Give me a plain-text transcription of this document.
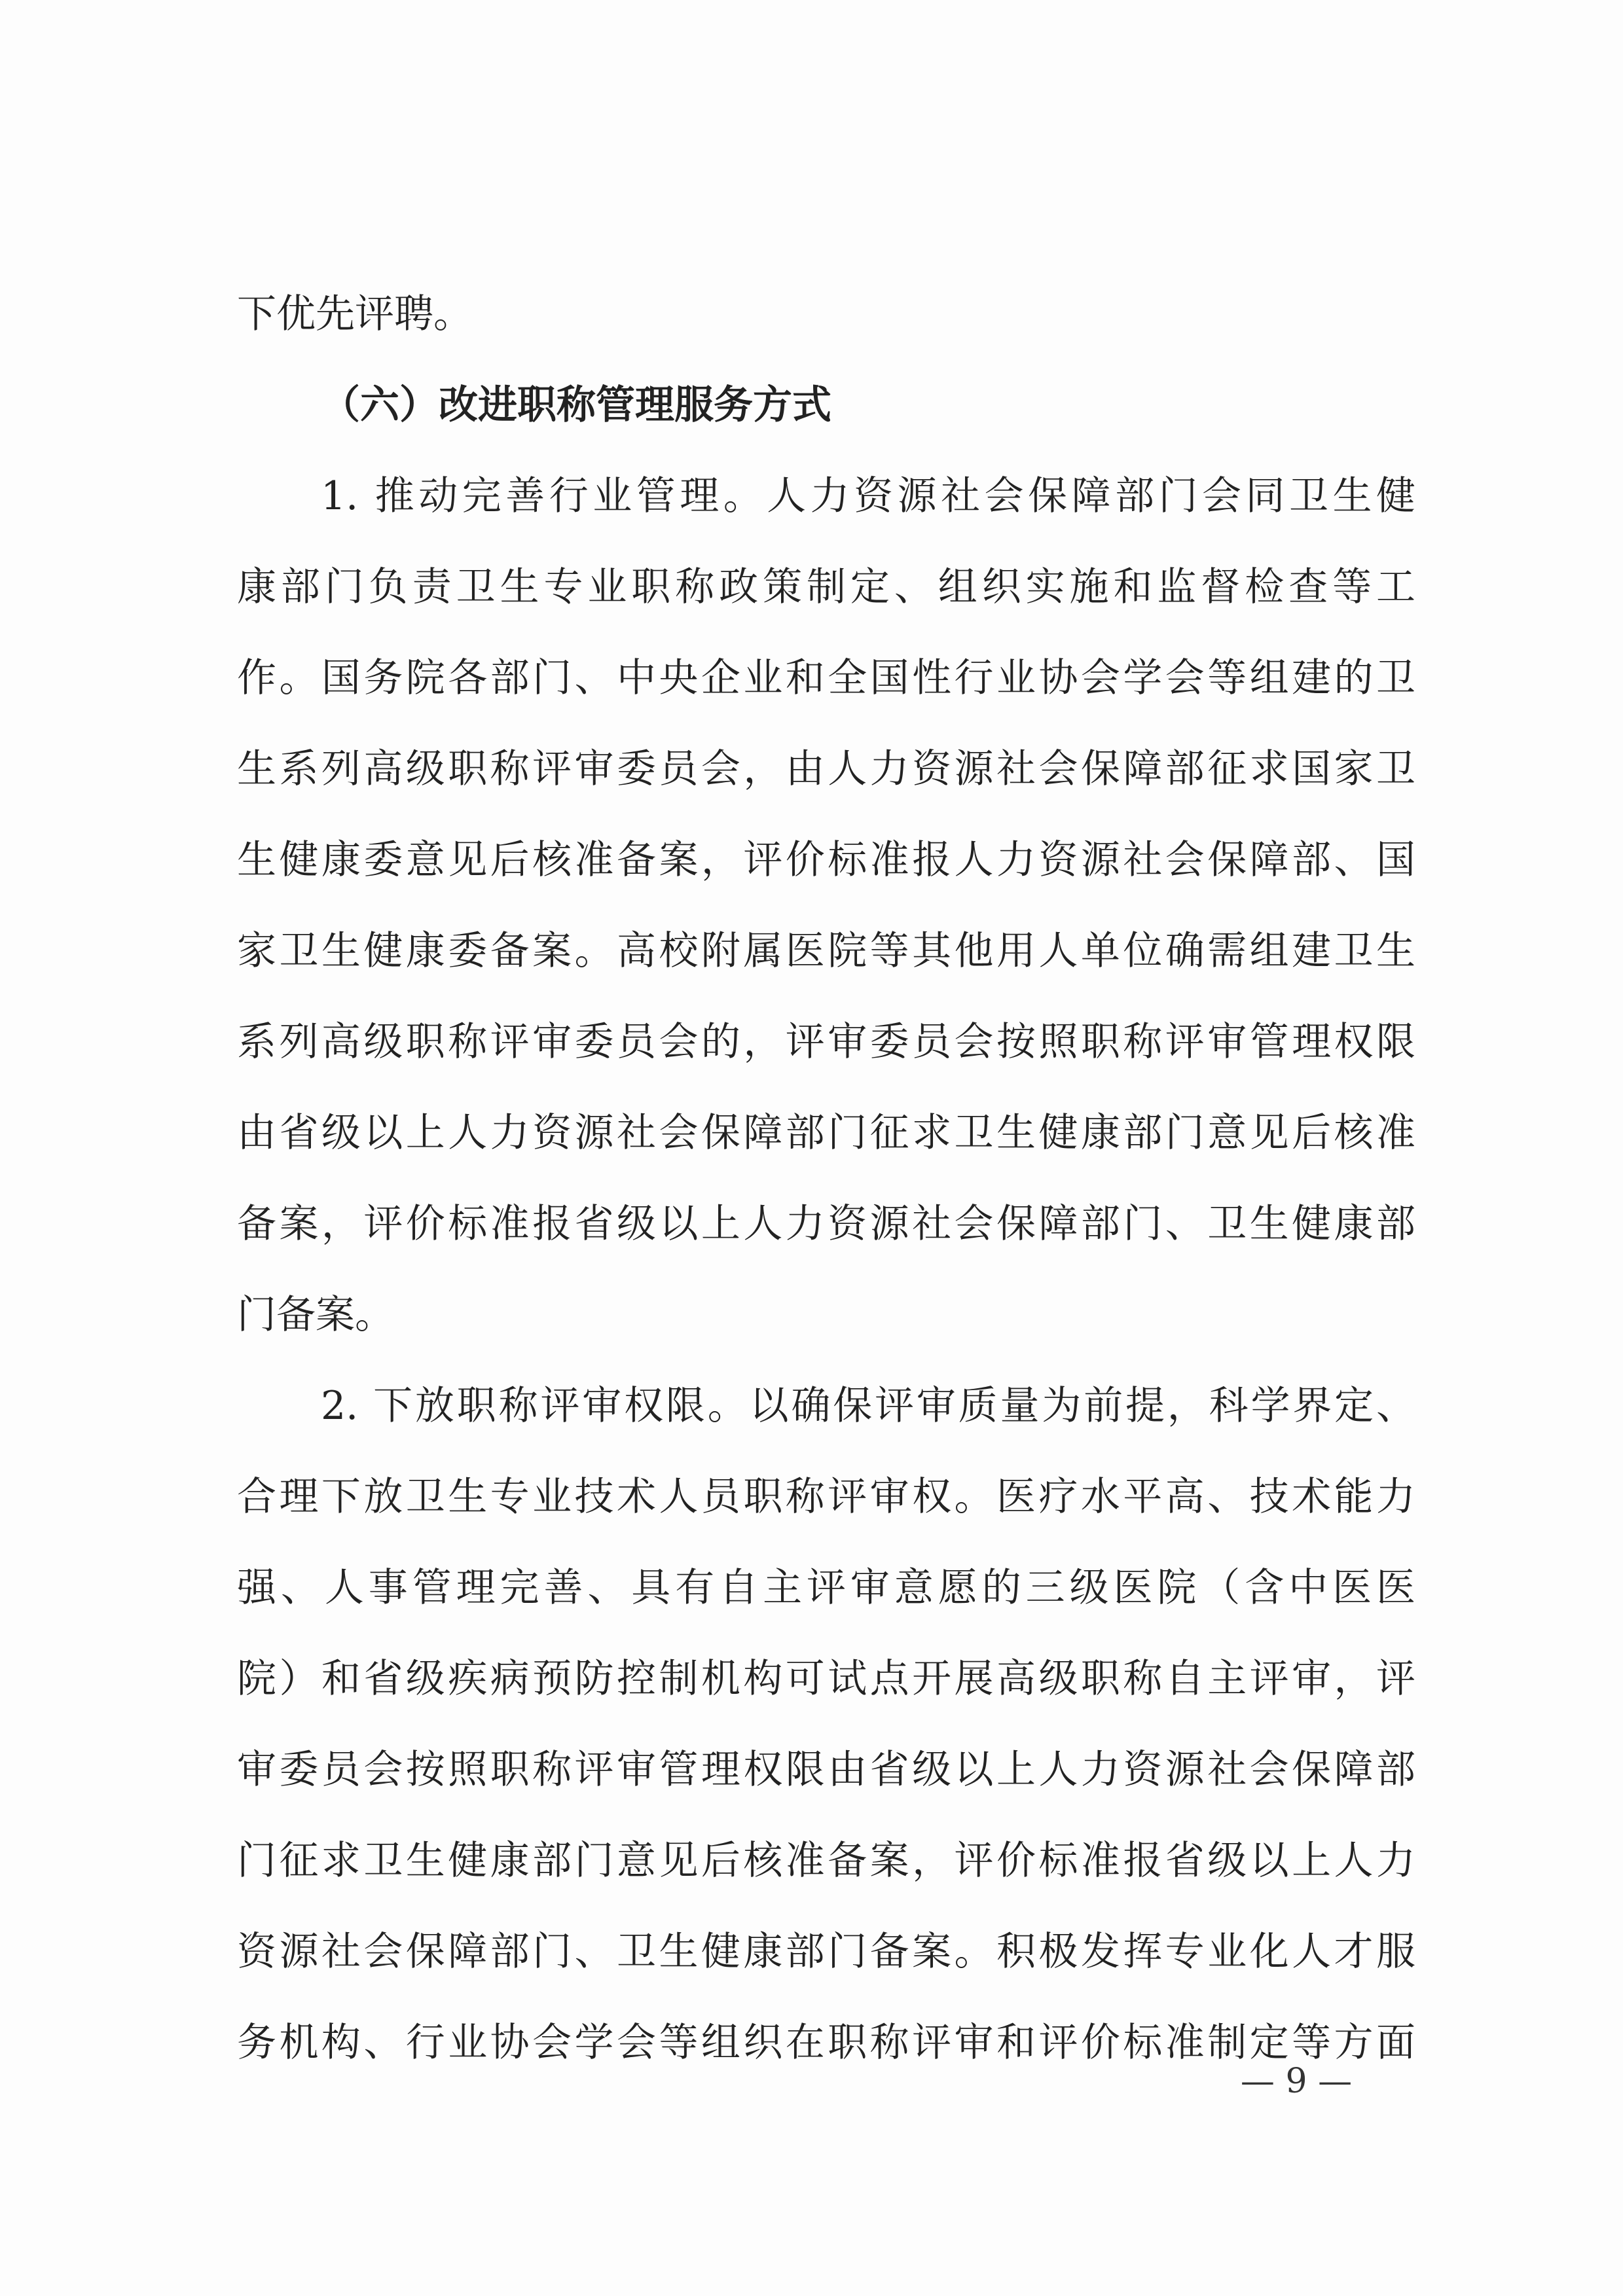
下优先评聘。
（六）改进职称管理服务方式
1. 推动完善行业管理。人力资源社会保障部门会同卫生健
康部门负责卫生专业职称政策制定、组织实施和监督检查等工
作。国务院各部门、中央企业和全国性行业协会学会等组建的卫
生系列高级职称评审委员会，由人力资源社会保障部征求国家卫
生健康委意见后核准备案，评价标准报人力资源社会保障部、国
家卫生健康委备案。高校附属医院等其他用人单位确需组建卫生
系列高级职称评审委员会的，评审委员会按照职称评审管理权限
由省级以上人力资源社会保障部门征求卫生健康部门意见后核准
备案，评价标准报省级以上人力资源社会保障部门、卫生健康部
门备案。
2. 下放职称评审权限。以确保评审质量为前提，科学界定、
合理下放卫生专业技术人员职称评审权。医疗水平高、技术能力
强、人事管理完善、具有自主评审意愿的三级医院（含中医医
院）和省级疾病预防控制机构可试点开展高级职称自主评审，评
审委员会按照职称评审管理权限由省级以上人力资源社会保障部
门征求卫生健康部门意见后核准备案，评价标准报省级以上人力
资源社会保障部门、卫生健康部门备案。积极发挥专业化人才服
务机构、行业协会学会等组织在职称评审和评价标准制定等方面
— 9 —
